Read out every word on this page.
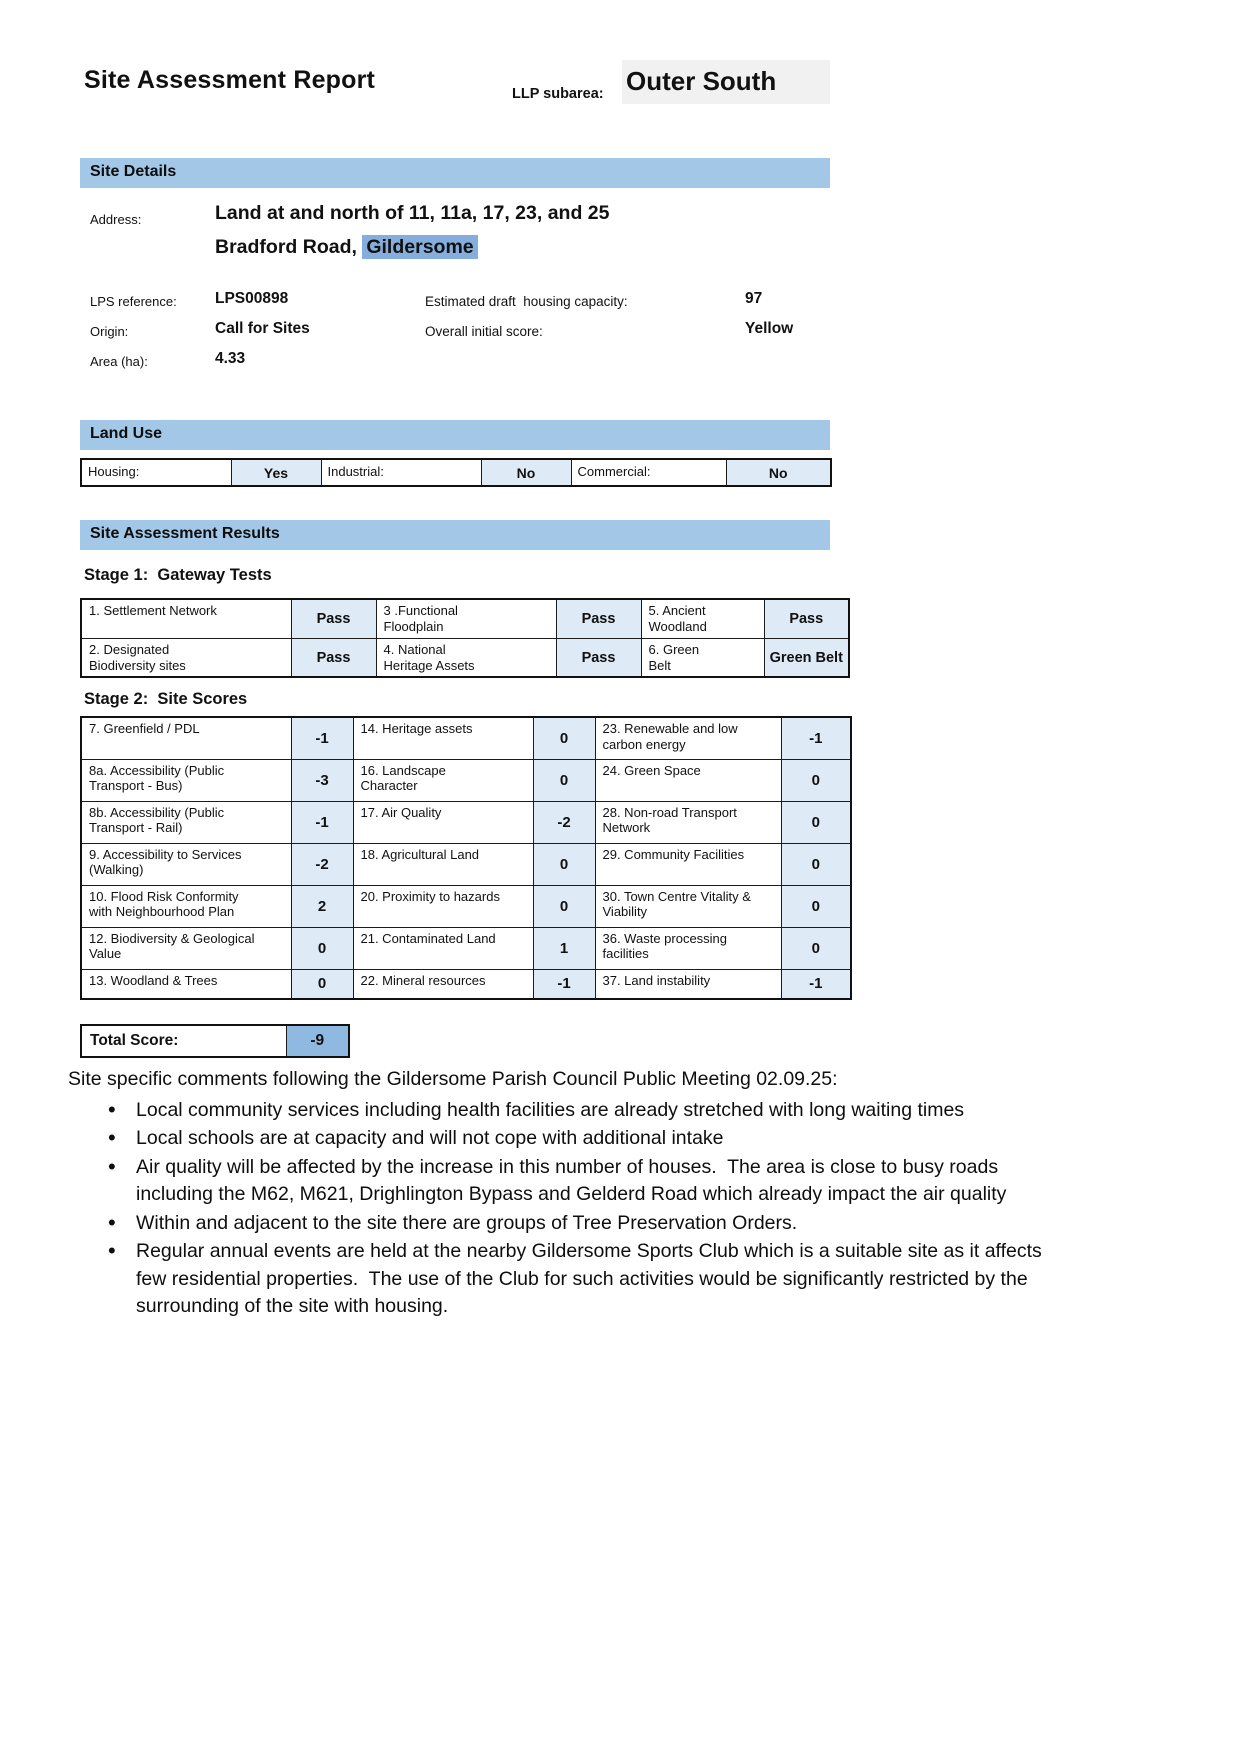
Site Assessment Report	LLP subarea: Outer South
Site Details
Address:	Land at and north of 11, 11a, 17, 23, and 25
Bradford Road, Gildersome
LPS reference: LPS00898	Estimated draft  housing capacity:	97
Origin:	Call for Sites	Overall initial score:	Yellow
Area (ha):	4.33
Land Use
Housing:	Yes	Industrial:	No	Commercial:	No
Site Assessment Results
Stage 1:  Gateway Tests
1. Settlement Network	Pass	3 .Functional Floodplain	Pass	5. Ancient Woodland	Pass
2. Designated Biodiversity sites	Pass	4. National Heritage Assets	Pass	6. Green Belt	Green Belt
Stage 2:  Site Scores
7. Greenfield / PDL	-1	14. Heritage assets	0	23. Renewable and low carbon energy	-1
8a. Accessibility (Public Transport - Bus)	-3	16. Landscape Character	0	24. Green Space	0
8b. Accessibility (Public Transport - Rail)	-1	17. Air Quality	-2	28. Non-road Transport Network	0
9. Accessibility to Services (Walking)	-2	18. Agricultural Land	0	29. Community Facilities	0
10. Flood Risk Conformity with Neighbourhood Plan	2	20. Proximity to hazards	0	30. Town Centre Vitality & Viability	0
12. Biodiversity & Geological Value	0	21. Contaminated Land	1	36. Waste processing facilities	0
13. Woodland & Trees	0	22. Mineral resources	-1	37. Land instability	-1
Total Score:	-9
Site specific comments following the Gildersome Parish Council Public Meeting 02.09.25:
• Local community services including health facilities are already stretched with long waiting times
• Local schools are at capacity and will not cope with additional intake
• Air quality will be affected by the increase in this number of houses.  The area is close to busy roads including the M62, M621, Drighlington Bypass and Gelderd Road which already impact the air quality
• Within and adjacent to the site there are groups of Tree Preservation Orders.
• Regular annual events are held at the nearby Gildersome Sports Club which is a suitable site as it affects few residential properties.  The use of the Club for such activities would be significantly restricted by the surrounding of the site with housing.
